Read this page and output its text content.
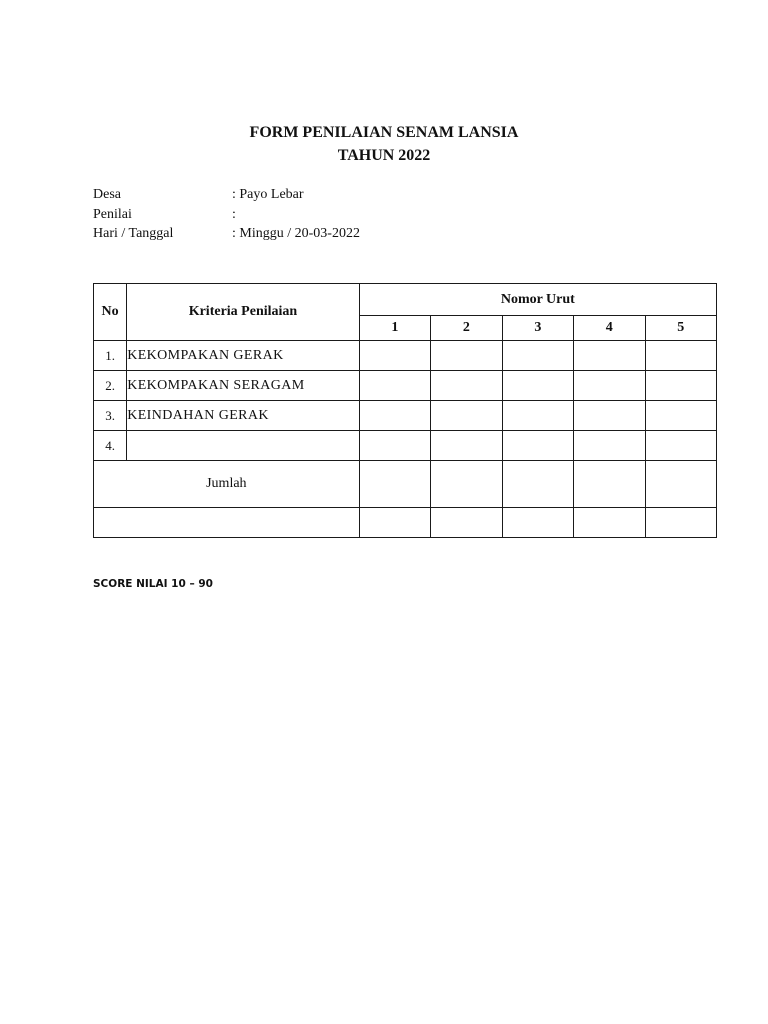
FORM PENILAIAN SENAM LANSIA
TAHUN 2022
Desa	: Payo Lebar
Penilai	:
Hari / Tanggal	: Minggu / 20-03-2022
No	Kriteria Penilaian	Nomor Urut				
		1	2	3	4	5
1.	KEKOMPAKAN GERAK					
2.	KEKOMPAKAN SERAGAM					
3.	KEINDAHAN GERAK					
4.						
Jumlah						

SCORE NILAI 10 – 90
